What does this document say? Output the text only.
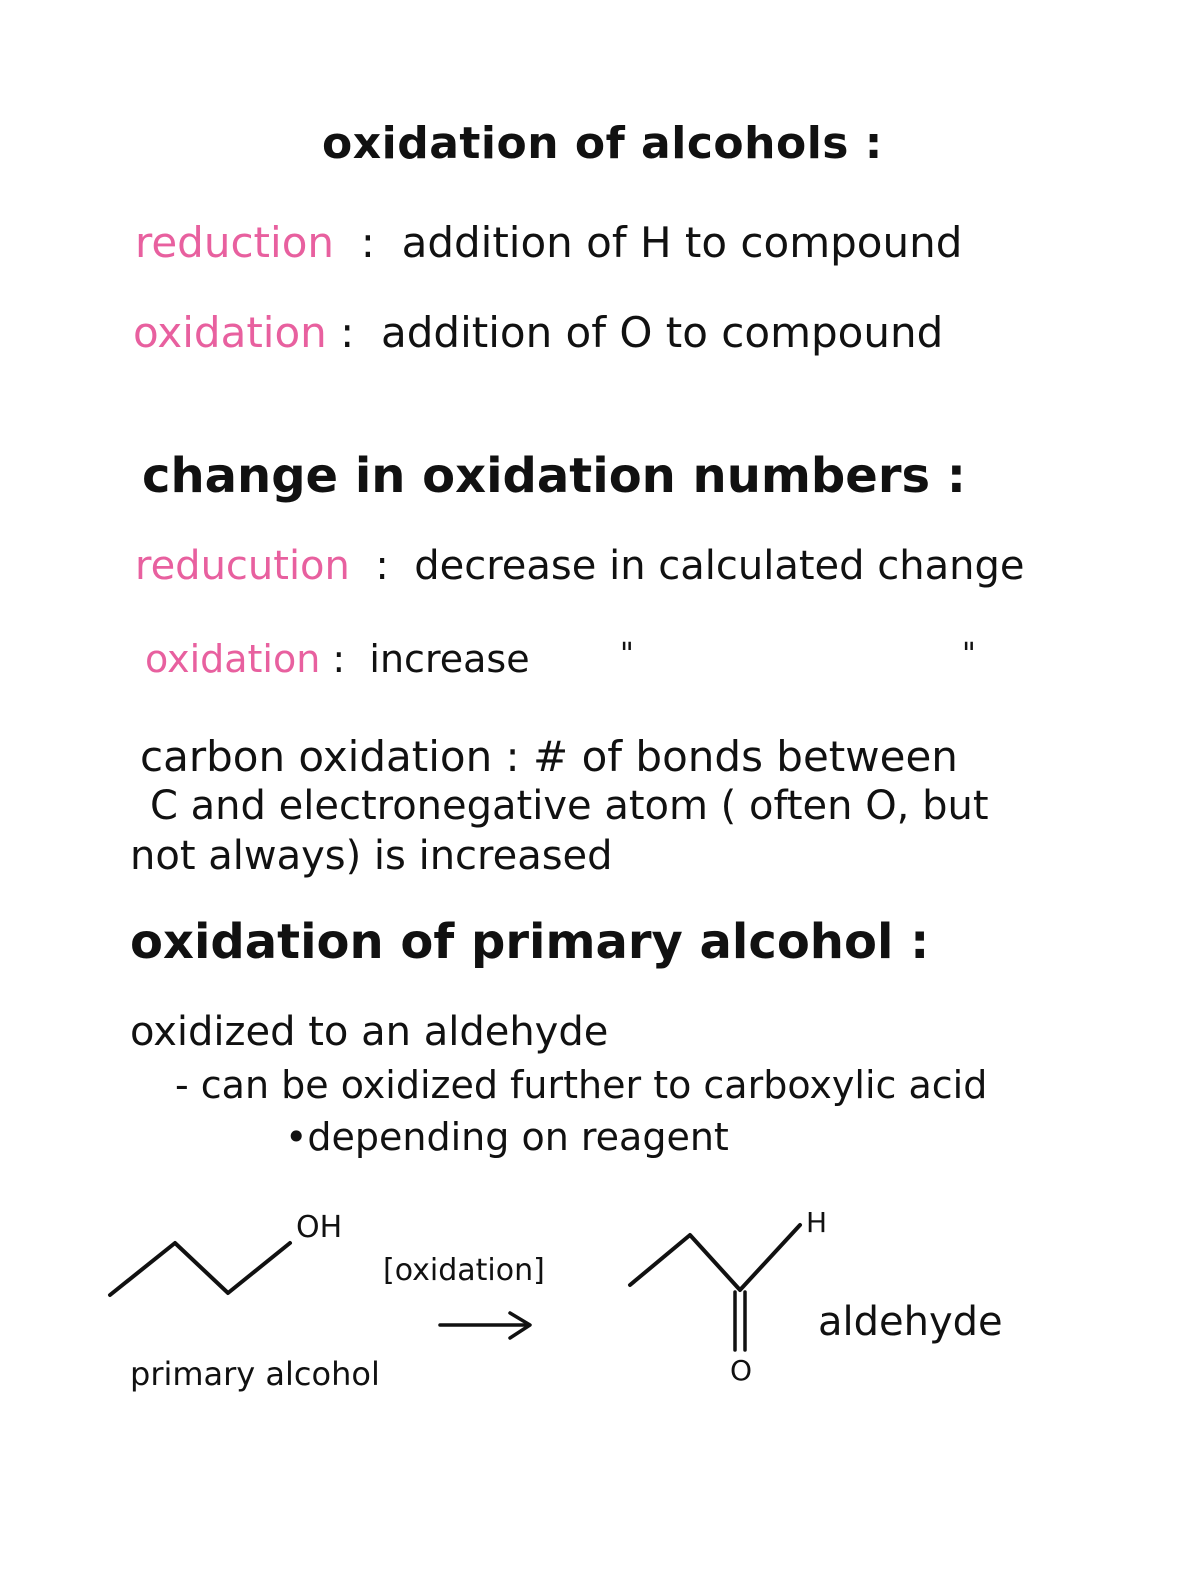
oxidation of alcohols :
reduction  :  addition of H to compound
oxidation :  addition of O to compound
change in oxidation numbers :
reducution  :  decrease in calculated change
oxidation :  increase	"	"
carbon oxidation : # of bonds between
C and electronegative atom ( often O, but
not always) is increased
oxidation of primary alcohol :
oxidized to an aldehyde
- can be oxidized further to carboxylic acid
•depending on reagent
OH
primary alcohol
[oxidation]
H
O
aldehyde
